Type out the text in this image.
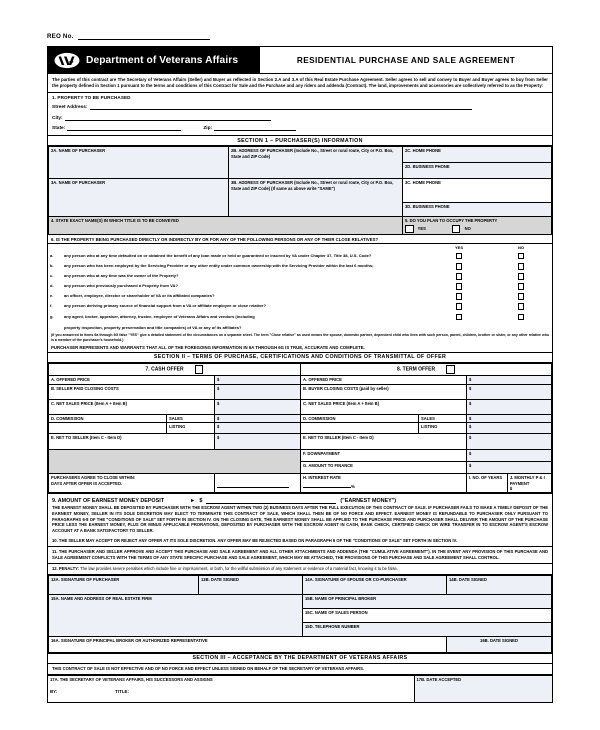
REO No.
Department of Veterans Affairs	RESIDENTIAL PURCHASE AND SALE AGREEMENT
The parties of this contract are The Secretary of Veterans Affairs (Seller) and Buyer as reflected in Section 2.A and 3.A of this Real Estate Purchase Agreement. Seller agrees to sell and convey to Buyer and Buyer agrees to buy from Seller the property defined in Section 1 pursuant to the terms and conditions of this Contract for Sale and the Purchase and any riders and addenda (Contract). The land, improvements and accessories are collectively referred to as the Property:
1. PROPERTY TO BE PURCHASED
Street Address:
City:
State:	Zip:
SECTION 1 – PURCHASER(S) INFORMATION
2A. NAME OF PURCHASER	2B. ADDRESS OF PURCHASER (Include No., Street or rural route, City or P.O. Box, State and ZIP Code)	2C. HOME PHONE

		2D. BUSINESS PHONE

3A. NAME OF PURCHASER	3B. ADDRESS OF PURCHASER (Include No., Street or rural route, City or P.O. Box, State and ZIP Code) (If same as above write "SAME")	3C. HOME PHONE

		3D. BUSINESS PHONE

4. STATE EXACT NAME(S) IN WHICH TITLE IS TO BE CONVEYED		5. DO YOU PLAN TO OCCUPY THE PROPERTY
YES NO
6. IS THE PROPERTY BEING PURCHASED DIRECTLY OR INDIRECTLY BY OR FOR ANY OF THE FOLLOWING PERSONS OR ANY OF THEIR CLOSE RELATIVES?
		YES	NO
a.	any person who at any time defaulted on or obtained the benefit of any loan made or held or guaranteed or insured by VA under Chapter 37, Title 38, U.S. Code?		
b.	any person who has been employed by the Servicing Provider or any other entity under common ownership with the Servicing Provider within the last 6 months;		
c.	any person who at any time was the owner of the Property?		
d.	any person who previously purchased a Property from VA?		
e.	an officer, employee, director or shareholder of VA or its affiliated companies?		
f.	any person deriving primary source of financial support from a VA or affiliate employee or close relative?		
g.	any agent, broker, appraiser, attorney, trustee, employee of Veterans Affairs and vendors (including		
	property inspection, property preservation and title companies) of VA or any of its affiliates?		
(If you answered to items 6a through 6G false "YES" give a detailed statement of the circumstances on a separate sheet. The term "Close relative" as used means the spouse, domestic partner, dependent child who lives with such person, parent, children, brother or sister, or any other relative who is a member of the purchaser's household.)
PURCHASER REPRESENTS AND WARRANTS THAT ALL OF THE FOREGOING INFORMATION IN 6A THROUGH 6G IS TRUE, ACCURATE AND COMPLETE.
SECTION II – TERMS OF PURCHASE, CERTIFICATIONS AND CONDITIONS OF TRANSMITTAL OF OFFER
7. CASH OFFER	8. TERM OFFER
A. OFFERED PRICE	$	A. OFFERED PRICE	$
B. SELLER PAID CLOSING COSTS	$	B. BUYER CLOSING COSTS (paid by seller)	$
C. NET SALES PRICE (Item A + Item B)	$	C. NET SALES PRICE (Item A + Item B)	$
D. COMMISSION	SALES	$	D. COMMISSION	SALES	$
	LISTING	$		LISTING	$
E. NET TO SELLER (Item C - Item D)	$	E. NET TO SELLER (Item C - Item D)	$
	F. DOWNPAYMENT	$
G. AMOUNT TO FINANCE	$

PURCHASERS AGREE TO CLOSE WITHIN:
DAYS AFTER OFFER IS ACCEPTED.

H. INTEREST RATE
%	
I. NO. OF YEARS	J. MONTHLY P & I PAYMENT
$
9. AMOUNT OF EARNEST MONEY DEPOSIT	► $	("EARNEST MONEY")
THE EARNEST MONEY SHALL BE DEPOSITED BY PURCHASER WITH THE ESCROW AGENT WITHIN TWO (2) BUSINESS DAYS AFTER THE FULL EXECUTION OF THIS CONTRACT OF SALE. IF PURCHASER FAILS TO MAKE A TIMELY DEPOSIT OF THE EARNEST MONEY, SELLER IN ITS SOLE DISCRETION MAY ELECT TO TERMINATE THIS CONTRACT OF SALE, WHICH SHALL THEN BE OF NO FORCE AND EFFECT. EARNEST MONEY IS REFUNDABLE TO PURCHASER ONLY PURSUANT TO PARAGRAPHS 6-8 OF THE "CONDITIONS OF SALE" SET FORTH IN SECTION IV. ON THE CLOSING DATE, THE EARNEST MONEY SHALL BE APPLIED TO THE PURCHASE PRICE AND PURCHASER SHALL DELIVER THE AMOUNT OF THE PURCHASE PRICE LESS THE EARNEST MONEY, PLUS OR MINUS APPLICABLE PRORATIONS, DEPOSITED BY PURCHASER WITH THE ESCROW AGENT IN CASH, BANK CHECK, CERTIFIED CHECK OR WIRE TRANSFER IN TO ESCROW AGENT'S ESCROW ACCOUNT AT A BANK SATISFACTORY TO SELLER.
10. THE SELLER MAY ACCEPT OR REJECT ANY OFFER AT ITS SOLE DISCRETION. ANY OFFER MAY BE REJECTED BASED ON PARAGRAPH 6 OF THE "CONDITIONS OF SALE" SET FORTH IN SECTION IV.
11. THE PURCHASER AND SELLER APPROVE AND ACCEPT THIS PURCHASE AND SALE AGREEMENT AND ALL OTHER ATTACHMENTS AND ADDENDA (THE "CUMULATIVE AGREEMENT"). IN THE EVENT ANY PROVISION OF THIS PURCHASE AND SALE AGREEMENT CONFLICTS WITH THE TERMS OF ANY STATE SPECIFIC PURCHASE AND SALE AGREEMENT, WHICH MAY BE ATTACHED, THE PROVISIONS OF THIS PURCHASE AND SALE AGREEMENT SHALL CONTROL.
12. PENALTY: The law provides severe penalties which include fine or imprisonment, or both, for the willful submission of any statement or evidence of a material fact, knowing it to be false.
13A. SIGNATURE OF PURCHASER	13B. DATE SIGNED	14A. SIGNATURE OF SPOUSE OR CO-PURCHASER	14B. DATE SIGNED

15A. NAME AND ADDRESS OF REAL ESTATE FIRM		15B. NAME OF PRINCIPAL BROKER	

		15C. NAME OF SALES PERSON	

		15D. TELEPHONE NUMBER	

16A. SIGNATURE OF PRINCIPAL BROKER OR AUTHORIZED REPRESENTATIVE			16B. DATE SIGNED
SECTION III – ACCEPTANCE BY THE DEPARTMENT OF VETERANS AFFAIRS
THIS CONTRACT OF SALE IS NOT EFFECTIVE AND OF NO FORCE AND EFFECT UNLESS SIGNED ON BEHALF OF THE SECRETARY OF VETERANS AFFAIRS.
17A. THE SECRETARY OF VETERANS AFFAIRS, HIS SUCCESSORS AND ASSIGNS
BY:	TITLE:

17B. DATE ACCEPTED
